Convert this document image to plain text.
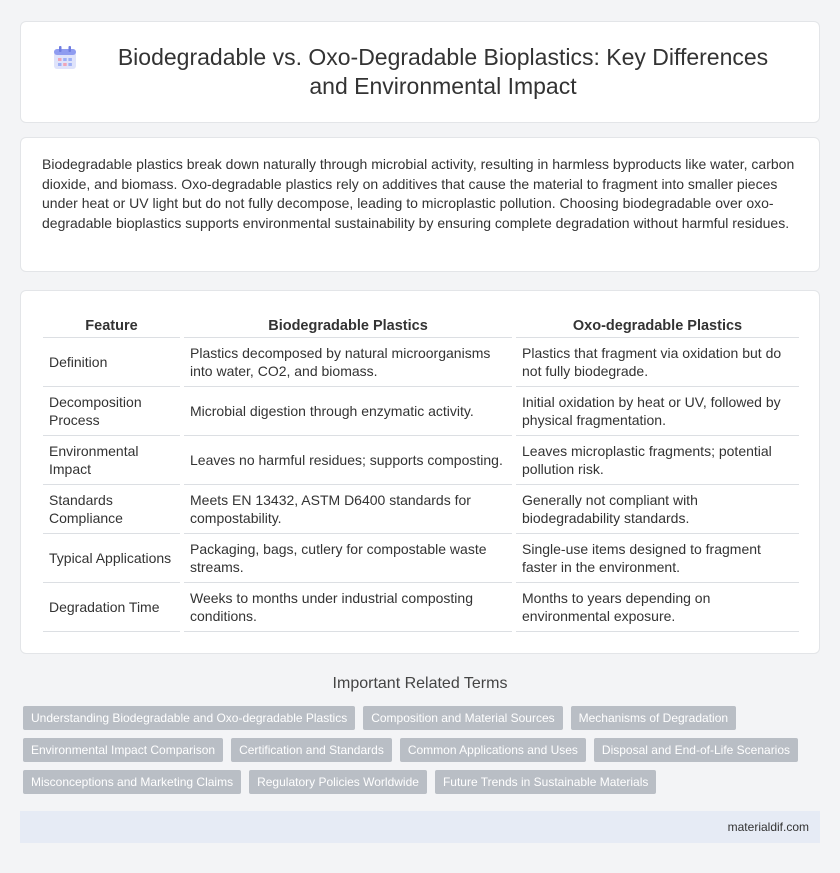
Biodegradable vs. Oxo-Degradable Bioplastics: Key Differences and Environmental Impact

Biodegradable plastics break down naturally through microbial activity, resulting in harmless byproducts like water, carbon dioxide, and biomass. Oxo-degradable plastics rely on additives that cause the material to fragment into smaller pieces under heat or UV light but do not fully decompose, leading to microplastic pollution. Choosing biodegradable over oxo-degradable bioplastics supports environmental sustainability by ensuring complete degradation without harmful residues.

Feature	Biodegradable Plastics	Oxo-degradable Plastics
Definition	Plastics decomposed by natural microorganisms into water, CO2, and biomass.	Plastics that fragment via oxidation but do not fully biodegrade.
Decomposition Process	Microbial digestion through enzymatic activity.	Initial oxidation by heat or UV, followed by physical fragmentation.
Environmental Impact	Leaves no harmful residues; supports composting.	Leaves microplastic fragments; potential pollution risk.
Standards Compliance	Meets EN 13432, ASTM D6400 standards for compostability.	Generally not compliant with biodegradability standards.
Typical Applications	Packaging, bags, cutlery for compostable waste streams.	Single-use items designed to fragment faster in the environment.
Degradation Time	Weeks to months under industrial composting conditions.	Months to years depending on environmental exposure.
Important Related Terms
Understanding Biodegradable and Oxo-degradable Plastics	Composition and Material Sources	Mechanisms of Degradation
Environmental Impact Comparison	Certification and Standards	Common Applications and Uses	Disposal and End-of-Life Scenarios
Misconceptions and Marketing Claims	Regulatory Policies Worldwide	Future Trends in Sustainable Materials
materialdif.com
